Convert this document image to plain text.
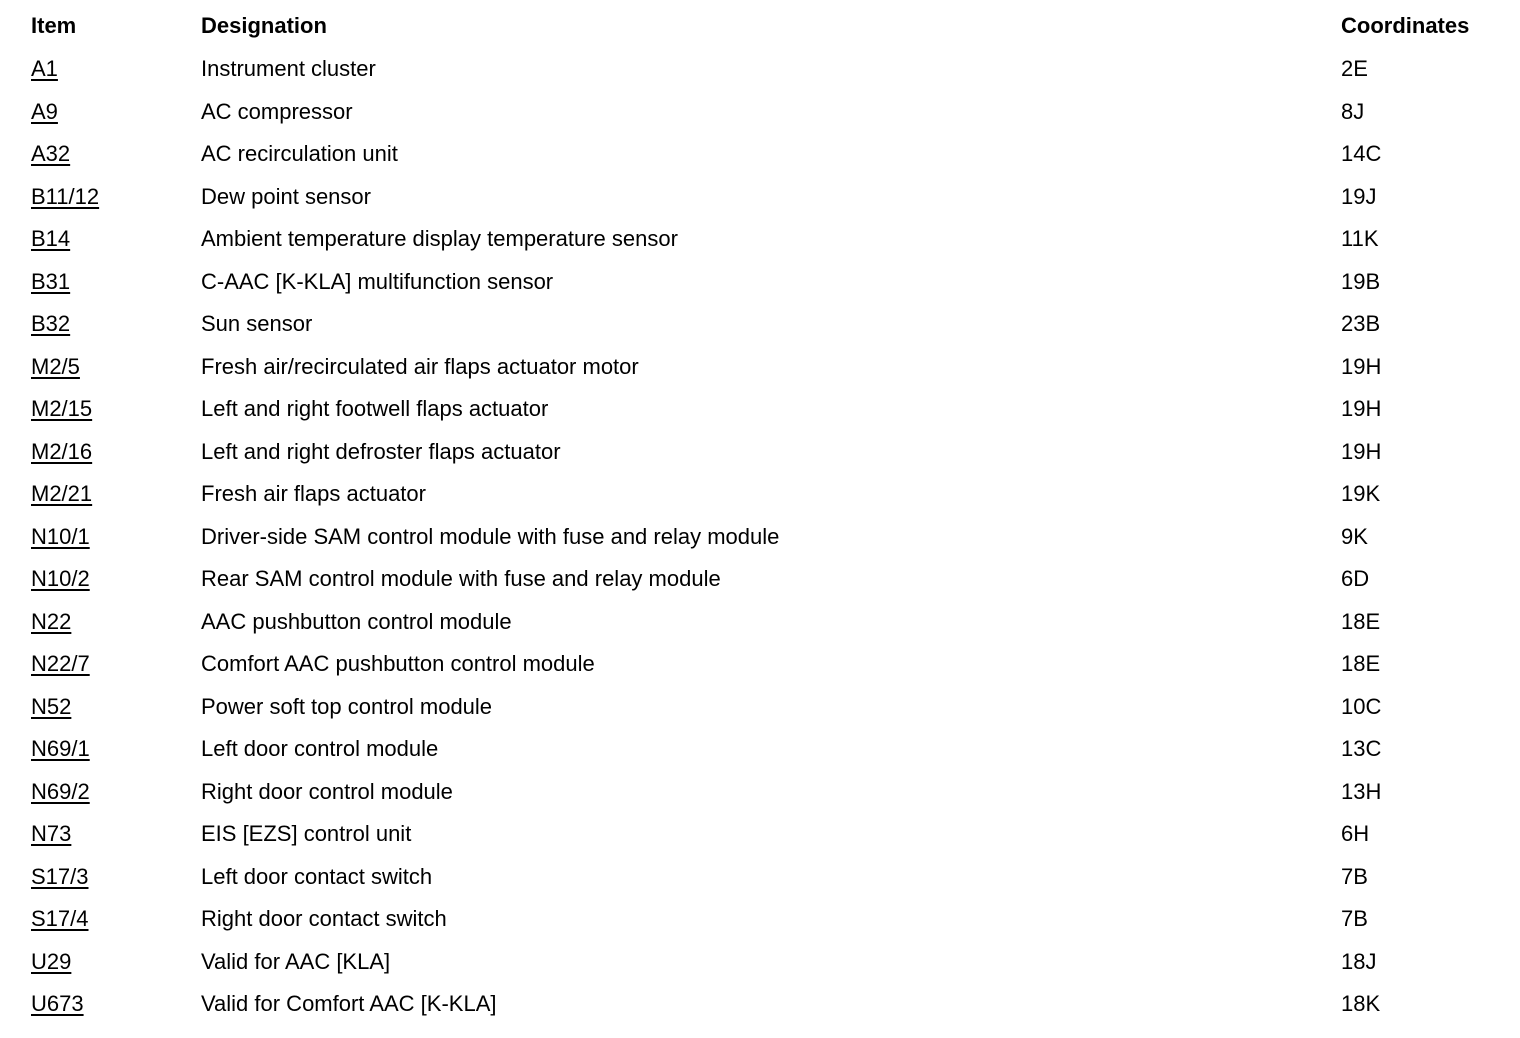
Item	Designation	Coordinates
A1	Instrument cluster	2E
A9	AC compressor	8J
A32	AC recirculation unit	14C
B11/12	Dew point sensor	19J
B14	Ambient temperature display temperature sensor	11K
B31	C-AAC [K-KLA] multifunction sensor	19B
B32	Sun sensor	23B
M2/5	Fresh air/recirculated air flaps actuator motor	19H
M2/15	Left and right footwell flaps actuator	19H
M2/16	Left and right defroster flaps actuator	19H
M2/21	Fresh air flaps actuator	19K
N10/1	Driver-side SAM control module with fuse and relay module	9K
N10/2	Rear SAM control module with fuse and relay module	6D
N22	AAC pushbutton control module	18E
N22/7	Comfort AAC pushbutton control module	18E
N52	Power soft top control module	10C
N69/1	Left door control module	13C
N69/2	Right door control module	13H
N73	EIS [EZS] control unit	6H
S17/3	Left door contact switch	7B
S17/4	Right door contact switch	7B
U29	Valid for AAC [KLA]	18J
U673	Valid for Comfort AAC [K-KLA]	18K
